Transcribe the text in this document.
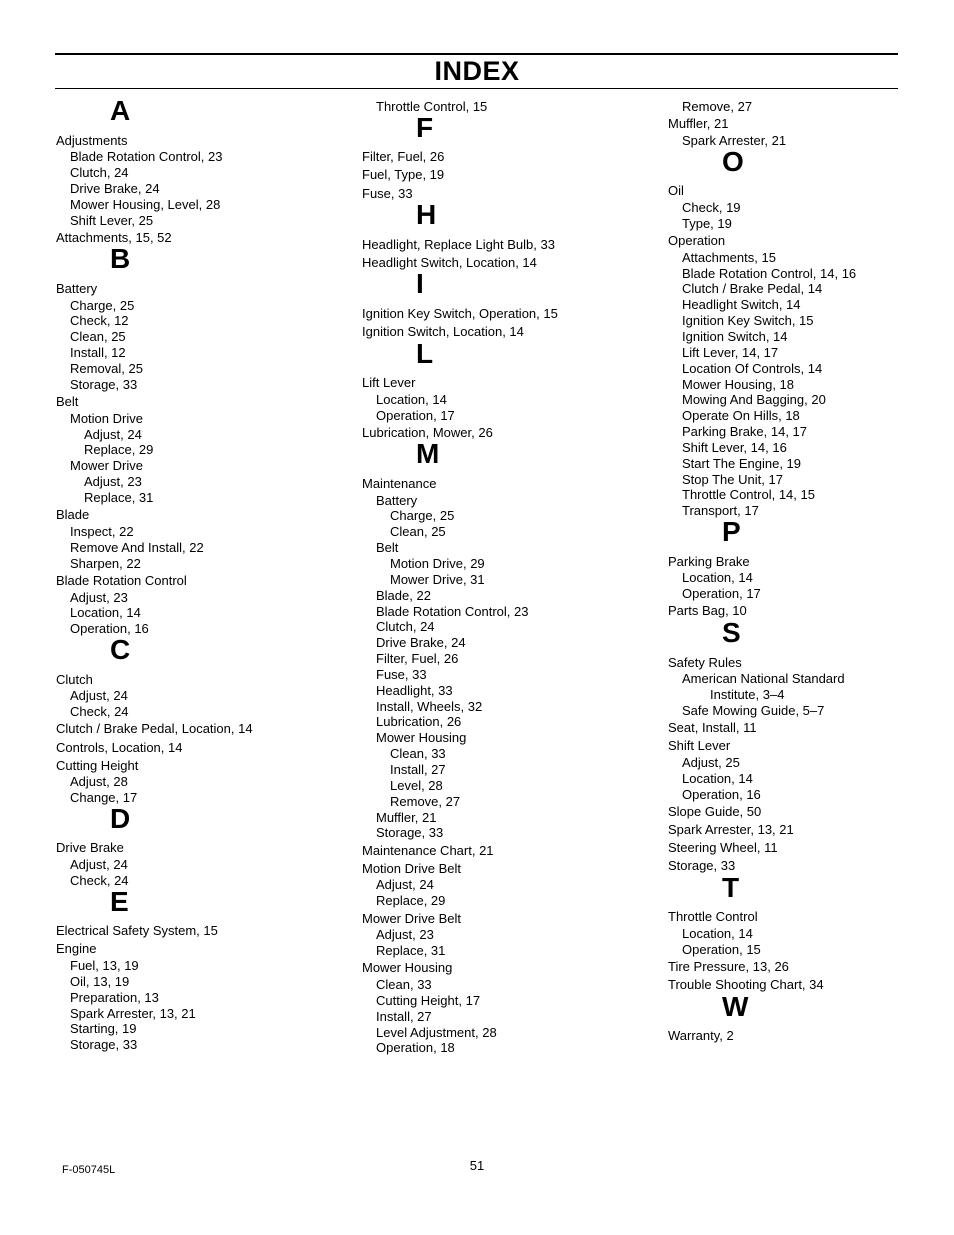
INDEX
A
Adjustments
Blade Rotation Control, 23
Clutch, 24
Drive Brake, 24
Mower Housing, Level, 28
Shift Lever, 25
Attachments, 15, 52
B
Battery
Charge, 25
Check, 12
Clean, 25
Install, 12
Removal, 25
Storage, 33
Belt
Motion Drive
Adjust, 24
Replace, 29
Mower Drive
Adjust, 23
Replace, 31
Blade
Inspect, 22
Remove And Install, 22
Sharpen, 22
Blade Rotation Control
Adjust, 23
Location, 14
Operation, 16
C
Clutch
Adjust, 24
Check, 24
Clutch / Brake Pedal, Location, 14
Controls, Location, 14
Cutting Height
Adjust, 28
Change, 17
D
Drive Brake
Adjust, 24
Check, 24
E
Electrical Safety System, 15
Engine
Fuel, 13, 19
Oil, 13, 19
Preparation, 13
Spark Arrester, 13, 21
Starting, 19
Storage, 33
Throttle Control, 15
F
Filter, Fuel, 26
Fuel, Type, 19
Fuse, 33
H
Headlight, Replace Light Bulb, 33
Headlight Switch, Location, 14
I
Ignition Key Switch, Operation, 15
Ignition Switch, Location, 14
L
Lift Lever
Location, 14
Operation, 17
Lubrication, Mower, 26
M
Maintenance
Battery
Charge, 25
Clean, 25
Belt
Motion Drive, 29
Mower Drive, 31
Blade, 22
Blade Rotation Control, 23
Clutch, 24
Drive Brake, 24
Filter, Fuel, 26
Fuse, 33
Headlight, 33
Install, Wheels, 32
Lubrication, 26
Mower Housing
Clean, 33
Install, 27
Level, 28
Remove, 27
Muffler, 21
Storage, 33
Maintenance Chart, 21
Motion Drive Belt
Adjust, 24
Replace, 29
Mower Drive Belt
Adjust, 23
Replace, 31
Mower Housing
Clean, 33
Cutting Height, 17
Install, 27
Level Adjustment, 28
Operation, 18
Remove, 27
Muffler, 21
Spark Arrester, 21
O
Oil
Check, 19
Type, 19
Operation
Attachments, 15
Blade Rotation Control, 14, 16
Clutch / Brake Pedal, 14
Headlight Switch, 14
Ignition Key Switch, 15
Ignition Switch, 14
Lift Lever, 14, 17
Location Of Controls, 14
Mower Housing, 18
Mowing And Bagging, 20
Operate On Hills, 18
Parking Brake, 14, 17
Shift Lever, 14, 16
Start The Engine, 19
Stop The Unit, 17
Throttle Control, 14, 15
Transport, 17
P
Parking Brake
Location, 14
Operation, 17
Parts Bag, 10
S
Safety Rules
American National Standard
Institute, 3–4
Safe Mowing Guide, 5–7
Seat, Install, 11
Shift Lever
Adjust, 25
Location, 14
Operation, 16
Slope Guide, 50
Spark Arrester, 13, 21
Steering Wheel, 11
Storage, 33
T
Throttle Control
Location, 14
Operation, 15
Tire Pressure, 13, 26
Trouble Shooting Chart, 34
W
Warranty, 2
F-050745L	51
